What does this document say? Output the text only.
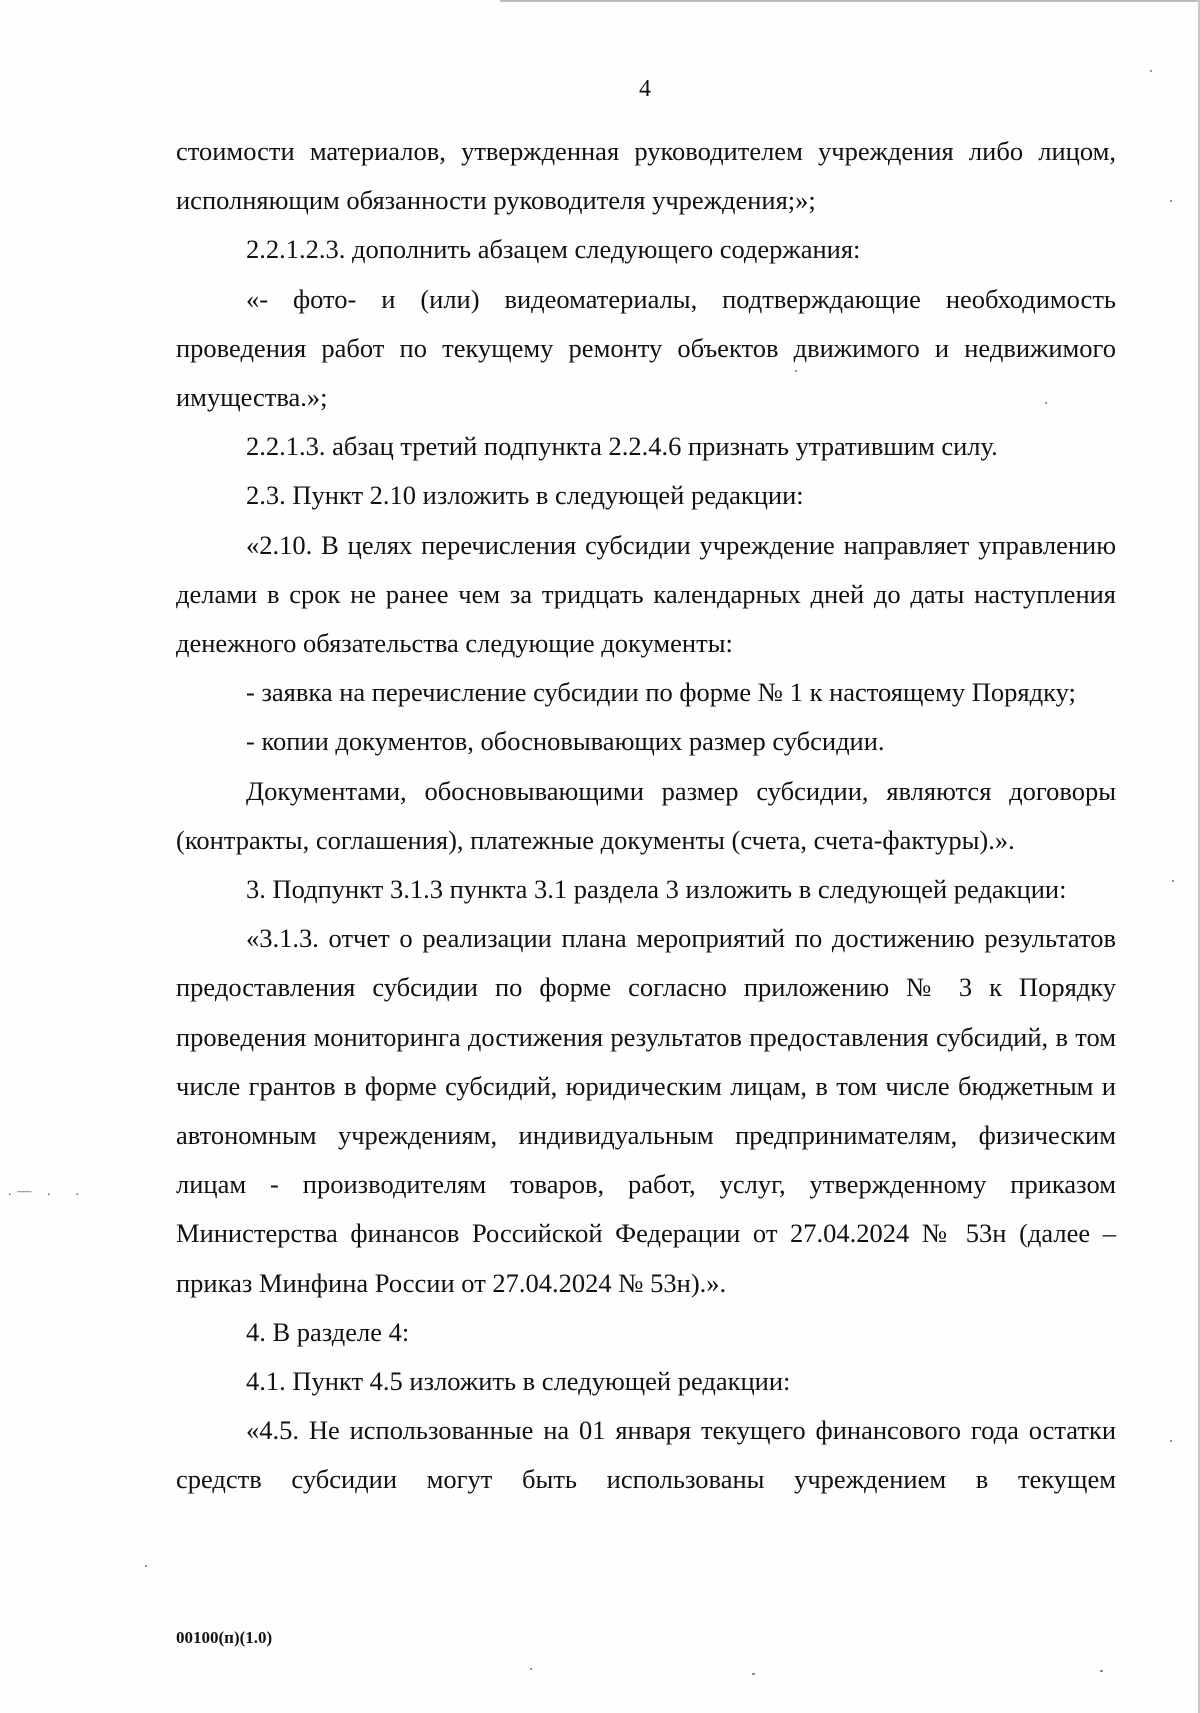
.— .  .
4

стоимости материалов, утвержденная руководителем учреждения либо лицом, исполняющим обязанности руководителя учреждения;»;

2.2.1.2.3. дополнить абзацем следующего содержания:

«- фото- и (или) видеоматериалы, подтверждающие необходимость проведения работ по текущему ремонту объектов движимого и недвижимого имущества.»;

2.2.1.3. абзац третий подпункта 2.2.4.6 признать утратившим силу.

2.3. Пункт 2.10 изложить в следующей редакции:

«2.10. В целях перечисления субсидии учреждение направляет управлению делами в срок не ранее чем за тридцать календарных дней до даты наступления денежного обязательства следующие документы:

- заявка на перечисление субсидии по форме № 1 к настоящему Порядку;

- копии документов, обосновывающих размер субсидии.

Документами, обосновывающими размер субсидии, являются договоры (контракты, соглашения), платежные документы (счета, счета-фактуры).».

3. Подпункт 3.1.3 пункта 3.1 раздела 3 изложить в следующей редакции:

«3.1.3. отчет о реализации плана мероприятий по достижению результатов предоставления субсидии по форме согласно приложению № 3 к Порядку проведения мониторинга достижения результатов предоставления субсидий, в том числе грантов в форме субсидий, юридическим лицам, в том числе бюджетным и автономным учреждениям, индивидуальным предпринимателям, физическим лицам - производителям товаров, работ, услуг, утвержденному приказом Министерства финансов Российской Федерации от 27.04.2024 № 53н (далее – приказ Минфина России от 27.04.2024 № 53н).».

4. В разделе 4:

4.1. Пункт 4.5 изложить в следующей редакции:

«4.5. Не использованные на 01 января текущего финансового года остатки средств субсидии могут быть использованы учреждением в текущем

00100(п)(1.0)
